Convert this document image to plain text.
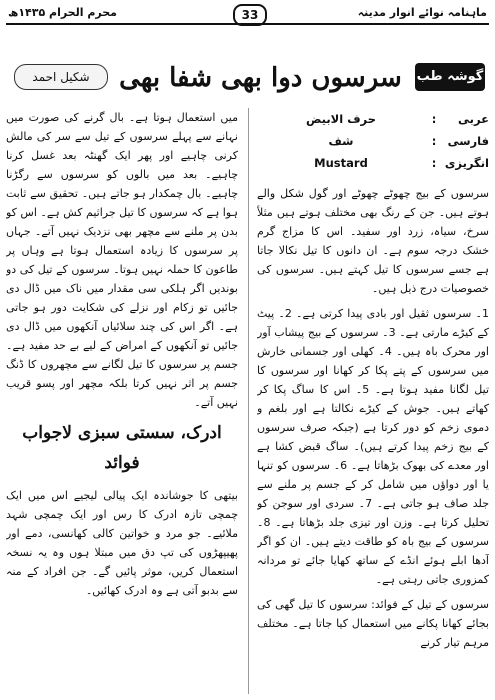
ماہنامہ نوائے انوار مدینہ
33
محرم الحرام ۱۴۳۵ھ
گوشہ طب
سرسوں دوا بھی شفا بھی
شکیل احمد
عربی
:
حرف الابیض
فارسی
:
شف
انگریزی
:
Mustard

سرسوں کے بیج چھوٹے چھوٹے اور گول شکل والے ہوتے ہیں۔ جن کے رنگ بھی مختلف ہوتے ہیں مثلاً سرخ، سیاہ، زرد اور سفید۔ اس کا مزاج گرم خشک درجہ سوم ہے۔ ان دانوں کا تیل نکالا جاتا ہے جسے سرسوں کا تیل کہتے ہیں۔ سرسوں کی خصوصیات درج ذیل ہیں۔

1۔ سرسوں ثقیل اور بادی پیدا کرتی ہے۔ 2۔ پیٹ کے کیڑے مارتی ہے۔ 3۔ سرسوں کے بیج پیشاب آور اور محرک باہ ہیں۔ 4۔ کھلی اور جسمانی خارش میں سرسوں کے پتے پکا کر کھانا اور سرسوں کا تیل لگانا مفید ہوتا ہے۔ 5۔ اس کا ساگ پکا کر کھاتے ہیں۔ جوش کے کیڑے نکالتا ہے اور بلغم و دموی زخم کو دور کرتا ہے (جبکہ صرف سرسوں کے بیج زخم پیدا کرتے ہیں)۔ ساگ قبض کشا ہے اور معدے کی بھوک بڑھاتا ہے۔ 6۔ سرسوں کو تنہا یا اور دواؤں میں شامل کر کے جسم پر ملنے سے جلد صاف ہو جاتی ہے۔ 7۔ سردی اور سوجن کو تحلیل کرتا ہے۔ وزن اور تیزی جلد بڑھاتا ہے۔ 8۔ سرسوں کے بیج باہ کو طاقت دیتے ہیں۔ ان کو اگر آدھا ابلے ہوئے انڈے کے ساتھ کھایا جائے تو مردانہ کمزوری جاتی رہتی ہے۔

سرسوں کے تیل کے فوائد: سرسوں کا تیل گھی کی بجائے کھانا پکانے میں استعمال کیا جاتا ہے۔ مختلف مرہم تیار کرنے

میں استعمال ہوتا ہے۔ بال گرنے کی صورت میں نہانے سے پہلے سرسوں کے تیل سے سر کی مالش کرنی چاہیے اور پھر ایک گھنٹہ بعد غسل کرنا چاہیے۔ بعد میں بالوں کو سرسوں سے رگڑنا چاہیے۔ بال چمکدار ہو جاتے ہیں۔ تحقیق سے ثابت ہوا ہے کہ سرسوں کا تیل جراثیم کش ہے۔ اس کو بدن پر ملنے سے مچھر بھی نزدیک نہیں آتے۔ جہاں پر سرسوں کا زیادہ استعمال ہوتا ہے وہاں پر طاعون کا حملہ نہیں ہوتا۔ سرسوں کے تیل کی دو بوندیں اگر ہلکی سی مقدار میں ناک میں ڈال دی جائیں تو زکام اور نزلے کی شکایت دور ہو جاتی ہے۔ اگر اس کی چند سلائیاں آنکھوں میں ڈال دی جائیں تو آنکھوں کے امراض کے لیے بے حد مفید ہے۔ جسم پر سرسوں کا تیل لگانے سے مچھروں کا ڈنگ جسم پر اثر نہیں کرتا بلکہ مچھر اور پسو قریب نہیں آتے۔

ادرک، سستی سبزی لاجواب فوائد

بیتھی کا جوشاندہ ایک پیالی لیجیے اس میں ایک چمچی تازہ ادرک کا رس اور ایک چمچی شہد ملائیے۔ جو مرد و خواتین کالی کھانسی، دمے اور پھیپھڑوں کی تپ دق میں مبتلا ہوں وہ یہ نسخہ استعمال کریں، موثر پائیں گے۔ جن افراد کے منہ سے بدبو آتی ہے وہ ادرک کھائیں۔
